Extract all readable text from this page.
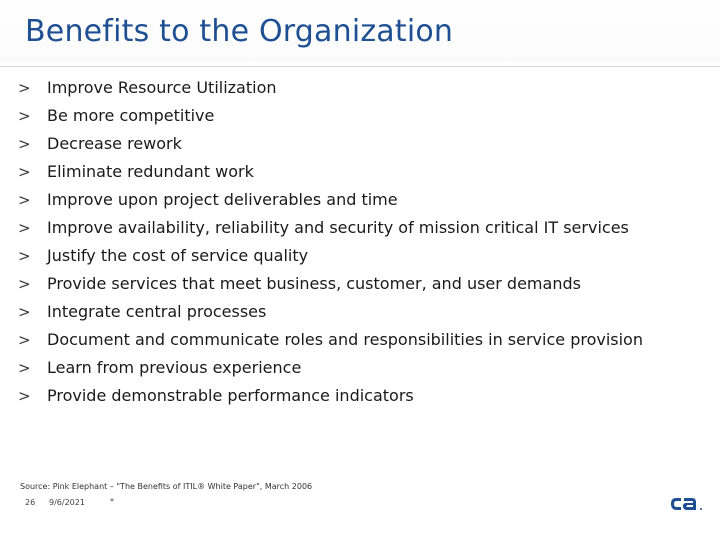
Benefits to the Organization
> Improve Resource Utilization
> Be more competitive
> Decrease rework
> Eliminate redundant work
> Improve upon project deliverables and time
> Improve availability, reliability and security of mission critical IT services
> Justify the cost of service quality
> Provide services that meet business, customer, and user demands
> Integrate central processes
> Document and communicate roles and responsibilities in service provision
> Learn from previous experience
> Provide demonstrable performance indicators
Source: Pink Elephant – "The Benefits of ITIL® White Paper", March 2006
26 9/6/2021	*
